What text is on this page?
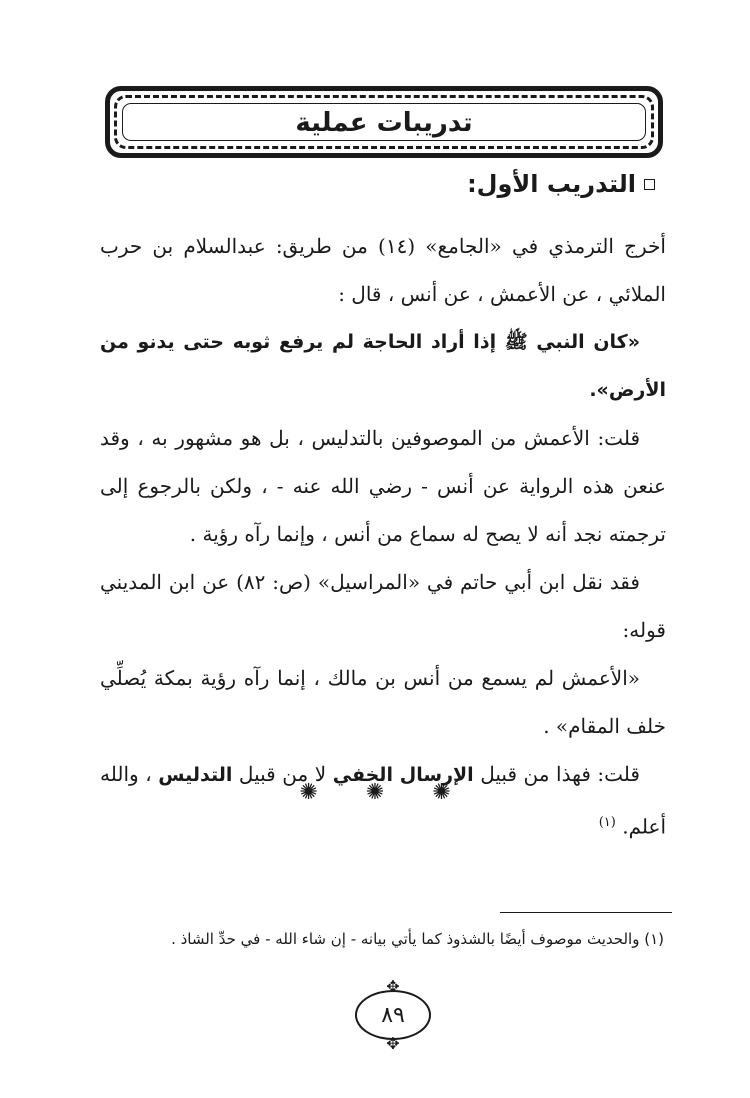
تدريبات عملية
التدريب الأول:

أخرج الترمذي في «الجامع» (١٤) من طريق: عبدالسلام بن حرب الملائي ، عن الأعمش ، عن أنس ، قال :

«كان النبي ﷺ إذا أراد الحاجة لم يرفع ثوبه حتى يدنو من الأرض».

قلت: الأعمش من الموصوفين بالتدليس ، بل هو مشهور به ، وقد عنعن هذه الرواية عن أنس - رضي الله عنه - ، ولكن بالرجوع إلى ترجمته نجد أنه لا يصح له سماع من أنس ، وإنما رآه رؤية .

فقد نقل ابن أبي حاتم في «المراسيل» (ص: ٨٢) عن ابن المديني قوله:

«الأعمش لم يسمع من أنس بن مالك ، إنما رآه رؤية بمكة يُصلِّي خلف المقام» .

قلت: فهذا من قبيل الإرسال الخفي لا من قبيل التدليس ، والله أعلم. $^{(١)}$

✺
✺
✺
(١) والحديث موصوف أيضًا بالشذوذ كما يأتي بيانه - إن شاء الله - في حدِّ الشاذ .
✥ ٨٩
✥
